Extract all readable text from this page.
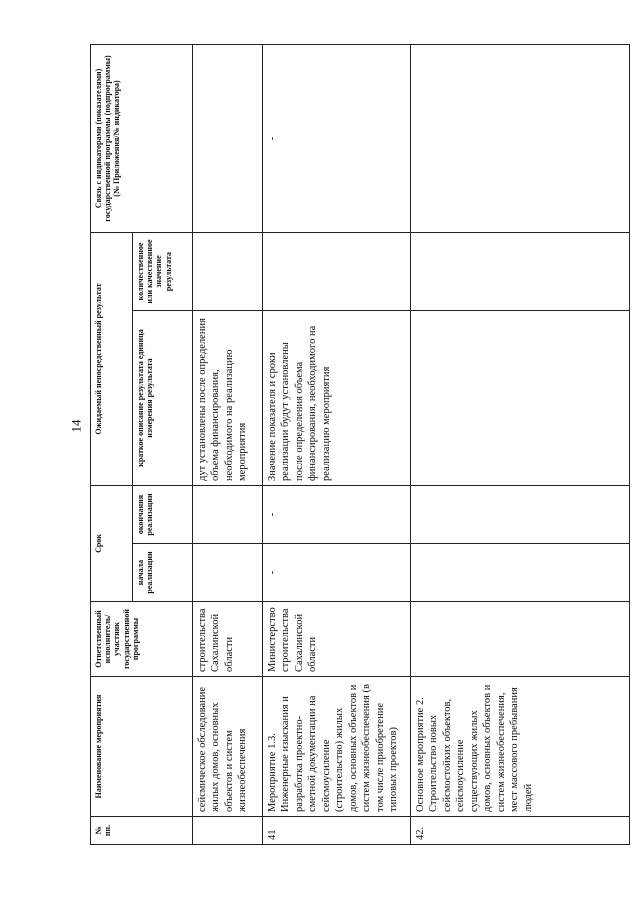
14
№ пп.	Наименование мероприятия	Ответственный исполнитель/участник государственной программы	Срок		Ожидаемый непосредственный результат		Связь с индикаторами (показателями) государственной программы (подпрограммы) (№ Приложения/№ индикатора)
			начала реализации	окончания реализации	краткое описание результата единица измерения результата	количественное или качественное значение результата	
	сейсмическое обследование жилых домов, основных объектов и систем жизнеобеспечения	строительства Сахалинской области			дут установлены после определения объема финансирования, необходимого на реализацию мероприятия		
41	Мероприятие 1.3. Инженерные изыскания и разработка проектно-сметной документации на сейсмоусиление (строительство) жилых домов, основных объектов и систем жизнеобеспечения (в том числе приобретение типовых проектов)	Министерство строительства Сахалинской области	-	-	Значение показателя и сроки реализации будут установлены после определения объема финансирования, необходимого на реализацию мероприятия		-
42.	Основное мероприятие 2. Строительство новых сейсмостойких объектов, сейсмоусиление существующих жилых домов, основных объектов и систем жизнеобеспечения, мест массового пребывания людей						
